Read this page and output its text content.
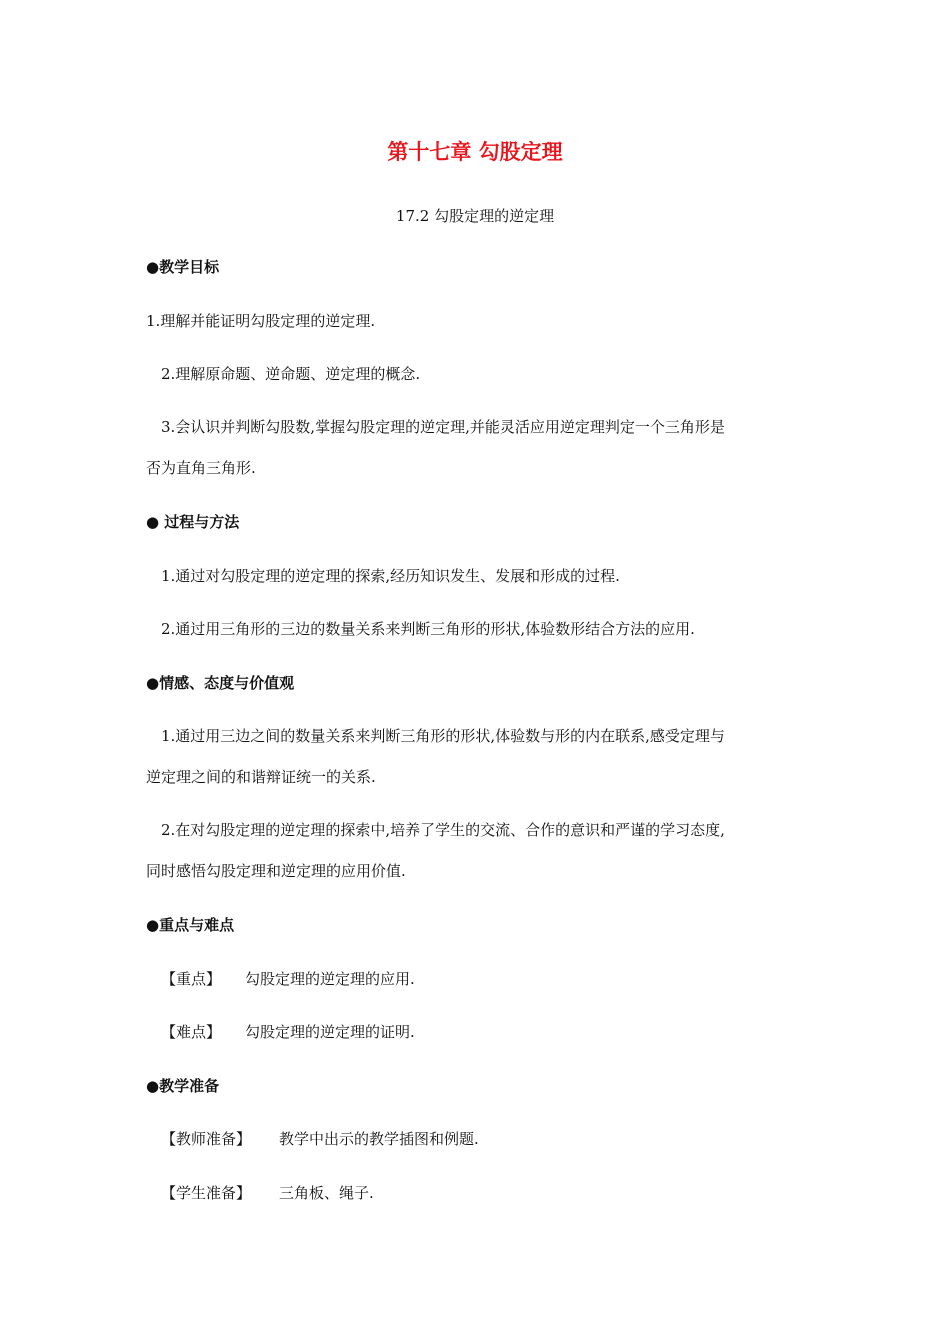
第十七章 勾股定理
17.2 勾股定理的逆定理
●教学目标
1.理解并能证明勾股定理的逆定理.
2.理解原命题、逆命题、逆定理的概念.
3.会认识并判断勾股数,掌握勾股定理的逆定理,并能灵活应用逆定理判定一个三角形是
否为直角三角形.
● 过程与方法
1.通过对勾股定理的逆定理的探索,经历知识发生、发展和形成的过程.
2.通过用三角形的三边的数量关系来判断三角形的形状,体验数形结合方法的应用.
●情感、态度与价值观
1.通过用三边之间的数量关系来判断三角形的形状,体验数与形的内在联系,感受定理与
逆定理之间的和谐辩证统一的关系.
2.在对勾股定理的逆定理的探索中,培养了学生的交流、合作的意识和严谨的学习态度,
同时感悟勾股定理和逆定理的应用价值.
●重点与难点
【重点】 勾股定理的逆定理的应用.
【难点】 勾股定理的逆定理的证明.
●教学准备
【教师准备】 教学中出示的教学插图和例题.
【学生准备】 三角板、绳子.
